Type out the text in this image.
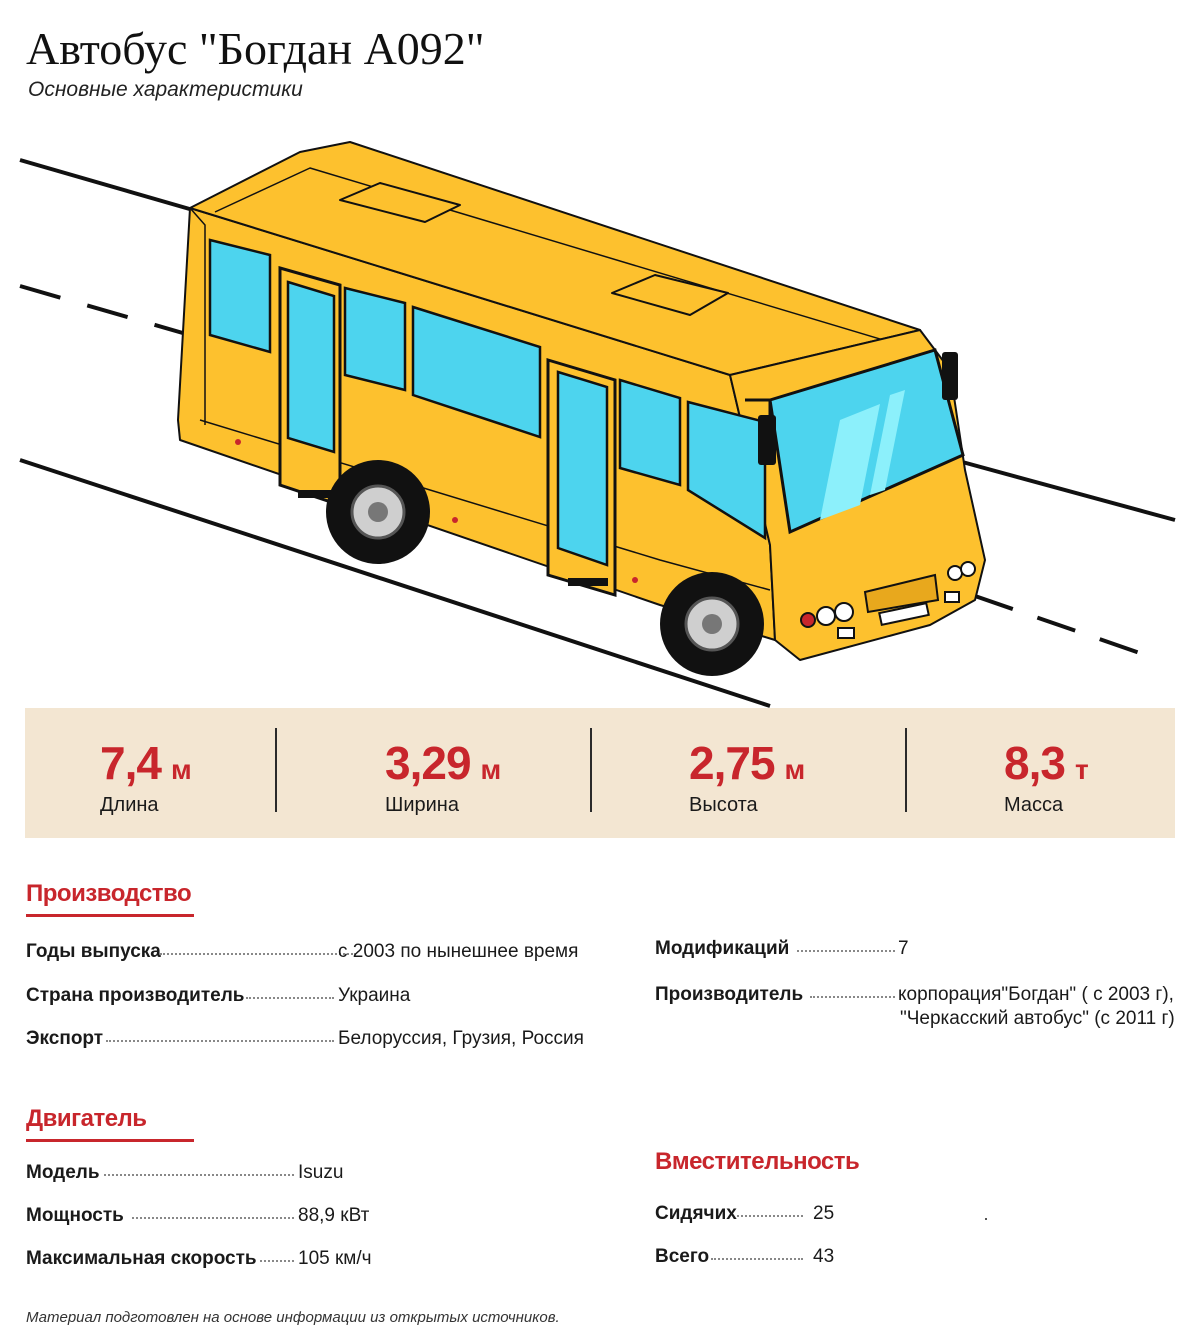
Автобус "Богдан А092"
Основные характеристики
7,4 м
Длина
3,29 м
Ширина
2,75 м
Высота
8,3 т
Масса
Производство
Годы выпуска	с 2003 по нынешнее время
Страна производитель	Украина
Экспорт	Белоруссия, Грузия, Россия
Модификаций	7
Производитель	корпорация"Богдан" ( с 2003 г),
"Черкасский автобус" (с 2011 г)
Двигатель
Модель	Isuzu
Мощность	88,9 кВт
Максимальная скорость 105 км/ч
Вместительность
Сидячих	25
Всего	43
Материал подготовлен на основе информации из открытых источников.
